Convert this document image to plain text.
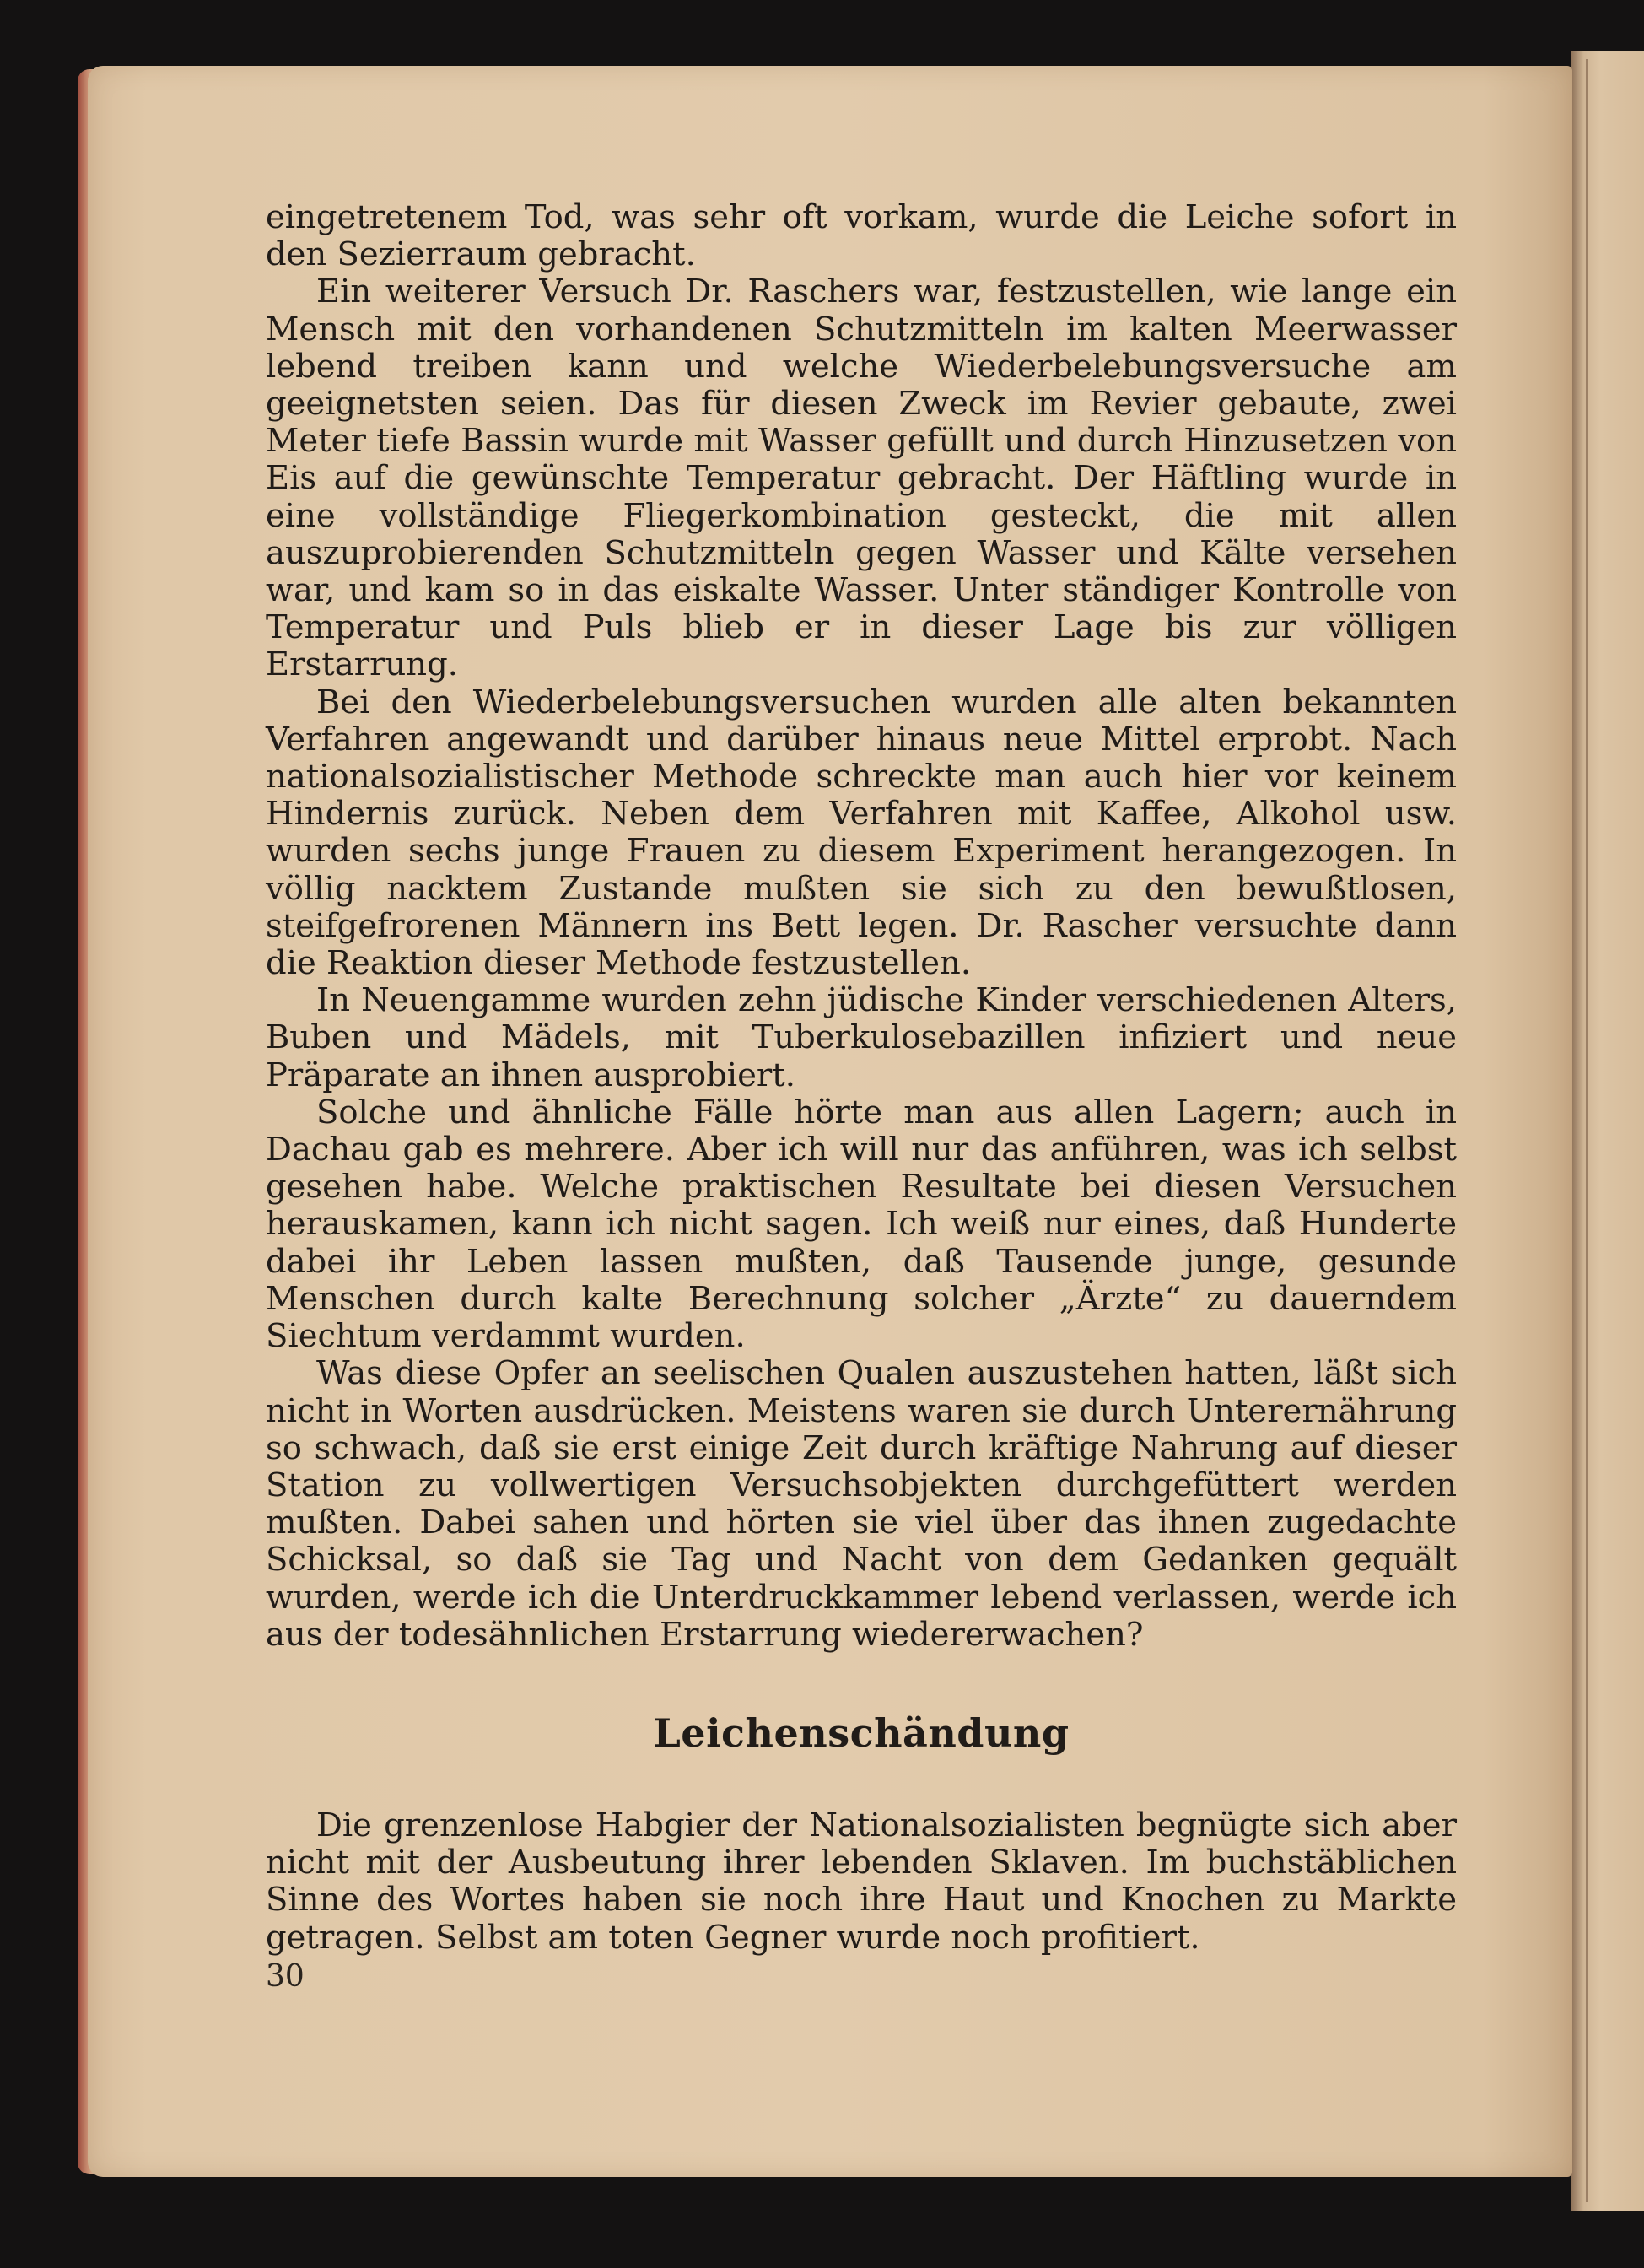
eingetretenem Tod, was sehr oft vorkam, wurde die Leiche sofort in den Sezierraum gebracht.

Ein weiterer Versuch Dr. Raschers war, festzustellen, wie lange ein Mensch mit den vorhandenen Schutzmitteln im kalten Meerwasser lebend treiben kann und welche Wiederbelebungsversuche am geeignetsten seien. Das für diesen Zweck im Revier gebaute, zwei Meter tiefe Bassin wurde mit Wasser gefüllt und durch Hinzusetzen von Eis auf die gewünschte Temperatur gebracht. Der Häftling wurde in eine vollständige Fliegerkombination gesteckt, die mit allen auszuprobierenden Schutzmitteln gegen Wasser und Kälte versehen war, und kam so in das eiskalte Wasser. Unter ständiger Kontrolle von Temperatur und Puls blieb er in dieser Lage bis zur völligen Erstarrung.

Bei den Wiederbelebungsversuchen wurden alle alten bekannten Verfahren angewandt und darüber hinaus neue Mittel erprobt. Nach nationalsozialistischer Methode schreckte man auch hier vor keinem Hindernis zurück. Neben dem Verfahren mit Kaffee, Alkohol usw. wurden sechs junge Frauen zu diesem Experiment herangezogen. In völlig nacktem Zustande mußten sie sich zu den bewußtlosen, steifgefrorenen Männern ins Bett legen. Dr. Rascher versuchte dann die Reaktion dieser Methode festzustellen.

In Neuengamme wurden zehn jüdische Kinder verschiedenen Alters, Buben und Mädels, mit Tuberkulosebazillen infiziert und neue Präparate an ihnen ausprobiert.

Solche und ähnliche Fälle hörte man aus allen Lagern; auch in Dachau gab es mehrere. Aber ich will nur das anführen, was ich selbst gesehen habe. Welche praktischen Resultate bei diesen Versuchen herauskamen, kann ich nicht sagen. Ich weiß nur eines, daß Hunderte dabei ihr Leben lassen mußten, daß Tausende junge, gesunde Menschen durch kalte Berechnung solcher „Ärzte“ zu dauerndem Siechtum verdammt wurden.

Was diese Opfer an seelischen Qualen auszustehen hatten, läßt sich nicht in Worten ausdrücken. Meistens waren sie durch Unterernährung so schwach, daß sie erst einige Zeit durch kräftige Nahrung auf dieser Station zu vollwertigen Versuchsobjekten durchgefüttert werden mußten. Dabei sahen und hörten sie viel über das ihnen zugedachte Schicksal, so daß sie Tag und Nacht von dem Gedanken gequält wurden, werde ich die Unterdruckkammer lebend verlassen, werde ich aus der todesähnlichen Erstarrung wiedererwachen?

Leichenschändung

Die grenzenlose Habgier der Nationalsozialisten begnügte sich aber nicht mit der Ausbeutung ihrer lebenden Sklaven. Im buchstäblichen Sinne des Wortes haben sie noch ihre Haut und Knochen zu Markte getragen. Selbst am toten Gegner wurde noch profitiert.

30
